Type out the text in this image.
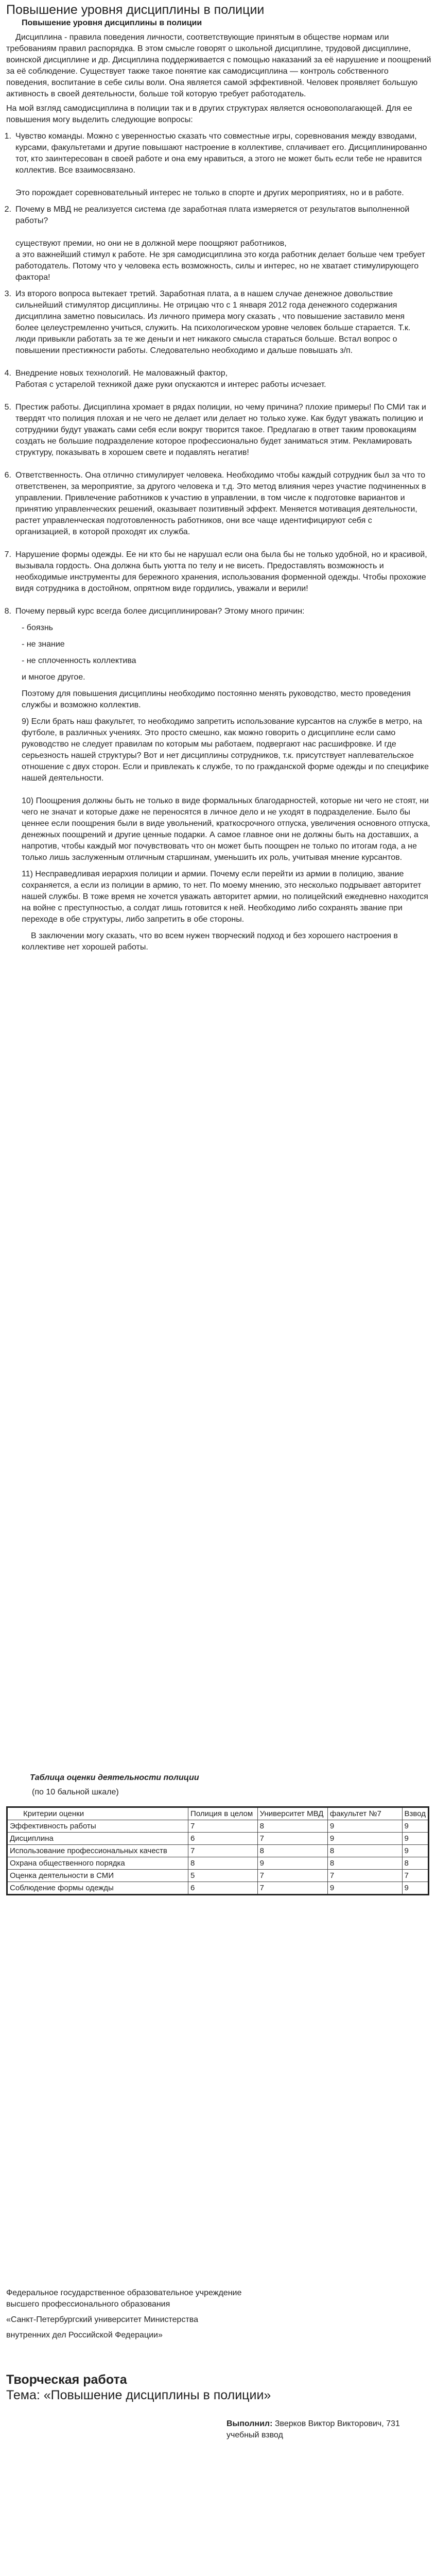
Повышение уровня дисциплины в полиции

Повышение уровня дисциплины в полиции

Дисциплина - правила поведения личности, соответствующие принятым в обществе нормам или требованиям правил распорядка. В этом смысле говорят о школьной дисциплине, трудовой дисциплине, воинской дисциплине и др. Дисциплина поддерживается с помощью наказаний за её нарушение и поощрений за её соблюдение. Существует также такое понятие как самодисциплина — контроль собственного поведения, воспитание в себе силы воли. Она является самой эффективной. Человек проявляет большую активность в своей деятельности, больше той которую требует работодатель.

На мой взгляд самодисциплина в полиции так и в других структурах является основополагающей. Для ее повышения могу выделить следующие вопросы:

1. Чувство команды. Можно с уверенностью сказать что совместные игры, соревнования между взводами, курсами, факультетами и другие повышают настроение в коллективе, сплачивает его. Дисциплинированно тот, кто заинтересован в своей работе и она ему нравиться, а этого не может быть если тебе не нравится коллектив. Все взаимосвязано.

Это порождает соревновательный интерес не только в спорте и других мероприятиях, но и в работе.

2. Почему в МВД не реализуется система где заработная плата измеряется от результатов выполненной работы?

существуют премии, но они не в должной мере поощряют работников,

а это важнейший стимул к работе. Не зря самодисциплина это когда работник делает больше чем требует работодатель. Потому что у человека есть возможность, силы и интерес, но не хватает стимулирующего фактора!

3. Из второго вопроса вытекает третий. Заработная плата, а в нашем случае денежное довольствие сильнейший стимулятор дисциплины. Не отрицаю что с 1 января 2012 года денежного содержания дисциплина заметно повысилась. Из личного примера могу сказать , что повышение заставило меня более целеустремленно учиться, служить. На психологическом уровне человек больше старается. Т.к. люди привыкли работать за те же деньги и нет никакого смысла стараться больше. Встал вопрос о повышении престижности работы. Следовательно необходимо и дальше повышать з/п.

4. Внедрение новых технологий. Не маловажный фактор,

Работая с устарелой техникой даже руки опускаются и интерес работы исчезает.

5. Престиж работы. Дисциплина хромает в рядах полиции, но чему причина? плохие примеры! По СМИ так и твердят что полиция плохая и не чего не делает или делает но только хуже. Как будут уважать полицию и сотрудники будут уважать сами себя если вокруг творится такое. Предлагаю в ответ таким провокациям создать не большие подразделение которое профессионально будет заниматься этим. Рекламировать структуру, показывать в хорошем свете и подавлять негатив!

6. Ответственность. Она отлично стимулирует человека. Необходимо чтобы каждый сотрудник был за что то ответственен, за мероприятие, за другого человека и т.д. Это метод влияния через участие подчиненных в управлении. Привлечение работников к участию в управлении, в том числе к подготовке вариантов и принятию управленческих решений, оказывает позитивный эффект. Меняется мотивация деятельности, растет управленческая подготовленность работников, они все чаще идентифицируют себя с организацией, в которой проходят их служба.

7. Нарушение формы одежды. Ее ни кто бы не нарушал если она была бы не только удобной, но и красивой, вызывала гордость. Она должна быть уютта по телу и не висеть. Предоставлять возможность и необходимые инструменты для бережного хранения, использования форменной одежды. Чтобы прохожие видя сотрудника в достойном, опрятном виде гордились, уважали и верили!

8. Почему первый курс всегда более дисциплинирован? Этому много причин:

- боязнь

- не знание

- не сплоченность коллектива

и многое другое.

Поэтому для повышения дисциплины необходимо постоянно менять руководство, место проведения службы и возможно коллектив.

9) Если брать наш факультет, то необходимо запретить использование курсантов на службе в метро, на футболе, в различных учениях. Это просто смешно, как можно говорить о дисциплине если само руководство не следует правилам по которым мы работаем, подвергают нас расшифровке. И где серьезность нашей структуры? Вот и нет дисциплины сотрудников, т.к. присутствует наплевательское отношение с двух сторон. Если и привлекать к службе, то по гражданской форме одежды и по специфике нашей деятельности.

10) Поощрения должны быть не только в виде формальных благодарностей, которые ни чего не стоят, ни чего не значат и которые даже не переносятся в личное дело и не уходят в подразделение. Было бы ценнее если поощрения были в виде увольнений, краткосрочного отпуска, увеличения основного отпуска, денежных поощрений и другие ценные подарки. А самое главное они не должны быть на доставших, а напротив, чтобы каждый мог почувствовать что он может быть поощрен не только по итогам года, а не только лишь заслуженным отличным старшинам, уменьшить их роль, учитывая мнение курсантов.

11) Несправедливая иерархия полиции и армии. Почему если перейти из армии в полицию, звание сохраняется, а если из полиции в армию, то нет. По моему мнению, это несколько подрывает авторитет нашей службы. В тоже время не хочется уважать авторитет армии, но полицейский ежедневно находится на войне с преступностью, а солдат лишь готовится к ней. Необходимо либо сохранять звание при переходе в обе структуры, либо запретить в обе стороны.

В заключении могу сказать, что во всем нужен творческий подход и без хорошего настроения в коллективе нет хорошей работы.

Таблица оценки деятельности полиции

(по 10 бальной шкале)

Критерии оценки	Полиция в целом	Университет МВД	факультет №7	Взвод
Эффективность работы	7	8	9	9
Дисциплина	6	7	9	9
Использование профессиональных качеств	7	8	8	9
Охрана общественного порядка	8	9	8	8
Оценка деятельности в СМИ	5	7	7	7
Соблюдение формы одежды	6	7	9	9

Федеральное государственное образовательное учреждение

высшего профессионального образования

«Санкт-Петербургский университет Министерства

внутренних дел Российской Федерации»

Творческая работа

Тема: «Повышение дисциплины в полиции»

Выполнил: Зверков Виктор Викторович, 731 учебный взвод
